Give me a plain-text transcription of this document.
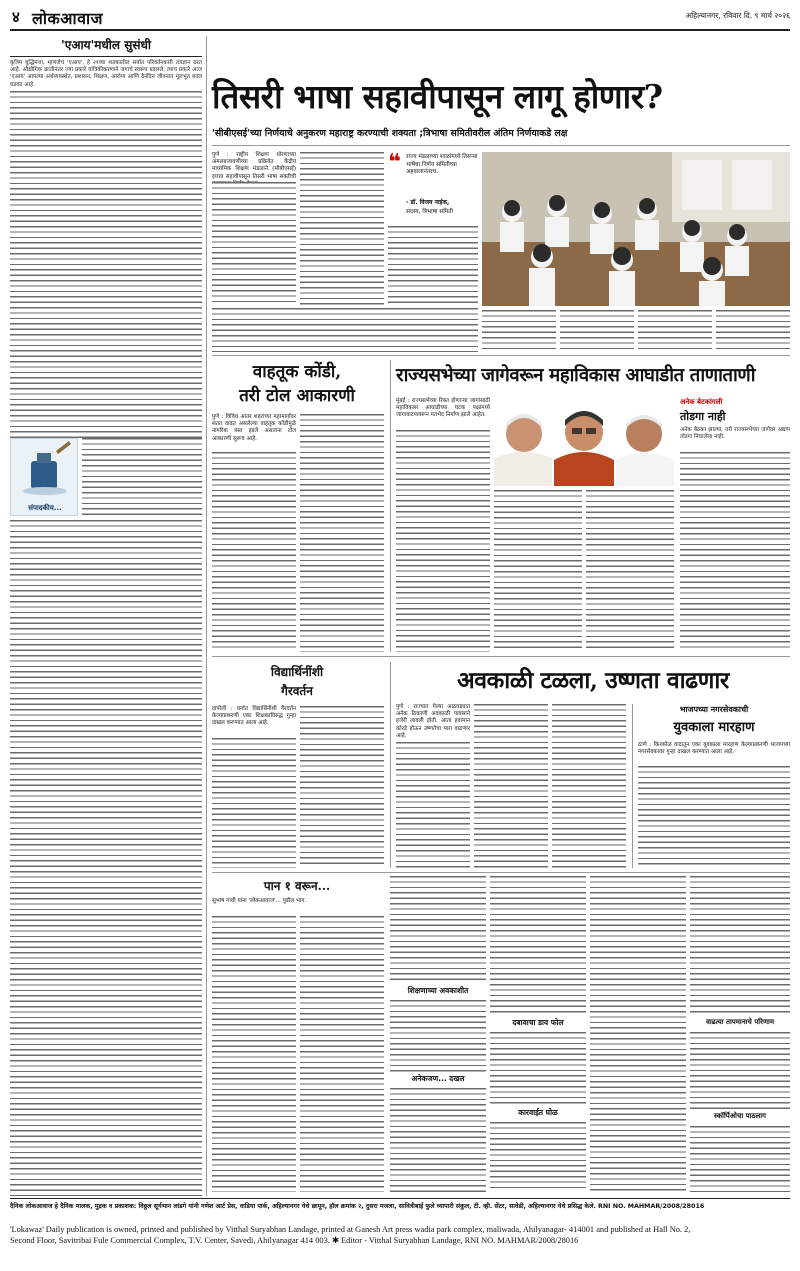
४ लोकआवाज	अहिल्यानगर, रविवार दि. ९ मार्च २०२६
'एआय'मधील सुसंधी
कृत्रिम बुद्धिमत्ता, म्हणजेच 'एआय', हे २१व्या शतकातील सर्वात परिवर्तनकारी तंत्रज्ञान ठरत आहे. औद्योगिक क्रांतीनंतर ज्या प्रकारे यांत्रिकीकरणाने जगाचे स्वरूप बदलले, त्याच प्रकारे आज 'एआय' आपल्या अर्थव्यवस्थेत, प्रशासन, शिक्षण, आरोग्य आणि दैनंदिन जीवनात मूलभूत बदल घडवत आहे.
संपादकीय...
तिसरी भाषा सहावीपासून लागू होणार?
'सीबीएसई'च्या निर्णयाचे अनुकरण महाराष्ट्र करण्याची शक्यता ;त्रिभाषा समितीवरील अंतिम निर्णयाकडे लक्ष
पुणे : राष्ट्रीय शिक्षण धोरणाच्या अंमलबजावणीच्या प्रक्रियेत केंद्रीय माध्यमिक शिक्षण मंडळाने (सीबीएसई) इयत्ता सहावीपासून तिसरी भाषा सक्तीची
❝ राज्य मंडळाच्या शाळांमध्ये तिसऱ्या भाषेचा निर्णय समितीच्या अहवालानंतरच.
- डॉ. विजय नाईक,
सदस्य, त्रिभाषा समिती
वाहतूक कोंडी,
तरी टोल आकारणी
पुणे : विविध आंतर शहरांच्या महामार्गांवर सतत वाढत असलेल्या वाहतूक कोंडीमुळे नागरिक त्रस्त झाले असताना टोल आकारणी सुरूच आहे.
राज्यसभेच्या जागेवरून महाविकास आघाडीत ताणाताणी
मुंबई : राज्यसभेच्या रिक्त होणाऱ्या जागांसाठी महाविकास आघाडीच्या घटक पक्षांमध्ये जागावाटपावरून मतभेद निर्माण झाले आहेत.
अनेक बेटकांगली
तोडगा नाही
अनेक बैठका झाल्या, तरी राज्यसभेच्या जागेवर अद्याप तोडगा निघालेला नाही.
विद्यार्थिनींशी
गैरवर्तन
दापोली : वर्गात विद्यार्थिनींशी गैरवर्तन केल्याप्रकरणी एका शिक्षकाविरुद्ध गुन्हा दाखल करण्यात आला आहे.
अवकाळी टळला, उष्णता वाढणार
पुणे : राज्यात गेल्या आठवड्यात अनेक ठिकाणी अवकाळी पावसाने हजेरी लावली होती. आता हवामान कोरडे होऊन उष्णतेचा पारा वाढणार आहे.
भाजपच्या नगरसेवकाची
युवकाला मारहाण
ठाणे : किरकोळ वादातून एका युवकाला मारहाण केल्याप्रकरणी भाजपच्या नगरसेवकावर गुन्हा दाखल करण्यात आला आहे.
पान १ वरून...
सुभाष गांधी यांना 'लोकआवाज'... पुढील भाग.
शिक्षणाच्या अवकाशीत
अनेकजण... दखल
दबावाचा डाव फोल
कारवाईत घोळ
वाढत्या तापमानाचे परिणाम
स्कॉर्पिओचा पाठलाग
दैनिक लोकआवाज हे दैनिक मालक, मुद्रक व प्रकाशक: विठ्ठल सूर्यभान लांडगे यांनी गणेश आर्ट प्रेस, वाडिया पार्क, अहिल्यानगर येथे छापून, हॉल क्रमांक २, दुसरा मजला, सावित्रीबाई फुले व्यापारी संकुल, टी. व्ही. सेंटर, सावेडी, अहिल्यानगर येथे प्रसिद्ध केले. RNI NO. MAHMAR/2008/28016
'Lokawaz' Daily publication is owned, printed and published by Vitthal Suryabhan Landage, printed at Ganesh Art press wadia park complex, maliwada, Ahilyanagar- 414001 and published at Hall No. 2,
Second Floor, Savitribai Fule Commercial Complex, T.V. Center, Savedi, Ahilyanagar 414 003. ✱ Editor - Vitthal Suryabhan Landage, RNI NO. MAHMAR/2008/28016
